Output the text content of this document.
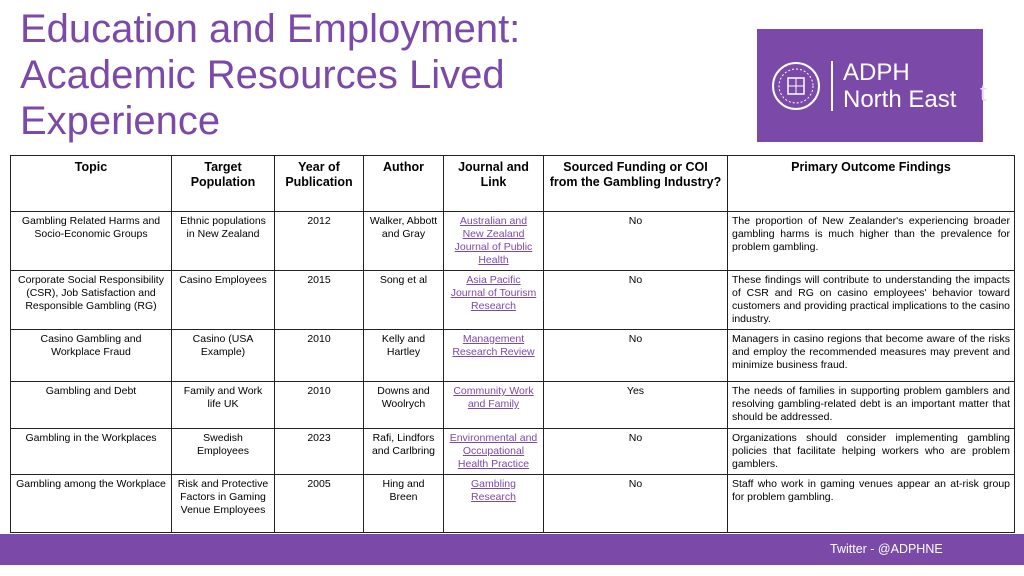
Education and Employment:
Academic Resources Lived
Experience
ADPH
North East t
Topic	Target Population	Year of Publication	Author	Journal and Link	Sourced Funding or COI from the Gambling Industry?	Primary Outcome Findings
Gambling Related Harms and Socio-Economic Groups	Ethnic populations in New Zealand	2012	Walker, Abbott and Gray	Australian and New Zealand Journal of Public Health	No	The proportion of New Zealander's experiencing broader gambling harms is much higher than the prevalence for problem gambling.
Corporate Social Responsibility (CSR), Job Satisfaction and Responsible Gambling (RG)	Casino Employees	2015	Song et al	Asia Pacific Journal of Tourism Research	No	These findings will contribute to understanding the impacts of CSR and RG on casino employees' behavior toward customers and providing practical implications to the casino industry.
Casino Gambling and Workplace Fraud	Casino (USA Example)	2010	Kelly and Hartley	Management Research Review	No	Managers in casino regions that become aware of the risks and employ the recommended measures may prevent and minimize business fraud.
Gambling and Debt	Family and Work life UK	2010	Downs and Woolrych	Community Work and Family	Yes	The needs of families in supporting problem gamblers and resolving gambling-related debt is an important matter that should be addressed.
Gambling in the Workplaces	Swedish Employees	2023	Rafi, Lindfors and Carlbring	Environmental and Occupational Health Practice	No	Organizations should consider implementing gambling policies that facilitate helping workers who are problem gamblers.
Gambling among the Workplace	Risk and Protective Factors in Gaming Venue Employees	2005	Hing and Breen	Gambling Research	No	Staff who work in gaming venues appear an at-risk group for problem gambling.
Twitter - @ADPHNE
